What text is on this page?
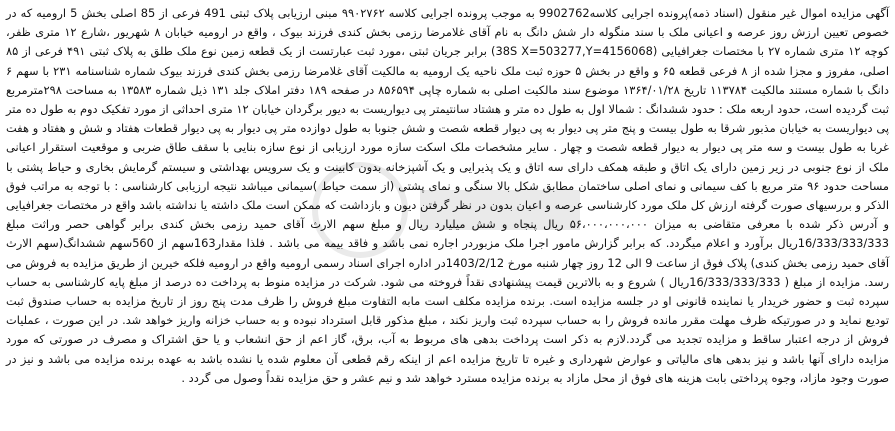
آگهی مزایده اموال غیر منقول (اسناد ذمه)پرونده اجرایی کلاسه9902762 به موجب پرونده اجرایی کلاسه ۹۹۰۲۷۶۲ مبنی ارزیابی پلاک ثبتی 491 فرعی از 85 اصلی بخش 5 ارومیه که در خصوص تعیین ارزش روز عرصه و اعیانی ملک با سند منگوله دار شش دانگ به نام آقای غلامرضا رزمی بخش کندی فرزند بیوک ، واقع در ارومیه خیابان ۸ شهریور ،شارع ۱۲ متری ظفر، کوچه ۱۲ متری شماره ۲۷ با مختصات جغرافیایی (38S X=503277,Y=4156068) برابر جریان ثبتی ،مورد ثبت عبارتست از یک قطعه زمین نوع ملک طلق به پلاک ثبتی ۴۹۱ فرعی از ۸۵ اصلی، مفروز و مجزا شده از ۸ فرعی قطعه ۶۵ و واقع در بخش ۵ حوزه ثبت ملک ناحیه یک ارومیه به مالکیت آقای غلامرضا رزمی بخش کندی فرزند بیوک شماره شناسنامه ۲۳۱ با سهم ۶ دانگ با شماره مستند مالکیت ۱۱۳۷۸۴ تاریخ ۱۳۶۴/۰۱/۲۸ موضوع سند مالکیت اصلی به شماره چاپی ۸۵۶۵۹۴ در صفحه ۱۸۹ دفتر املاک جلد ۱۳۱ ذیل شماره ۱۳۵۸۳ به مساحت ۲۹۸مترمربع ثبت گردیده است، حدود اربعه ملک : حدود ششدانگ : شمالا اول به طول ده متر و هشتاد سانتیمتر پی دیواریست به دیور برگردان خیابان ۱۲ متری احداثی از مورد تفکیک دوم به طول ده متر پی دیواریست به خیابان مذبور شرقا به طول بیست و پنج متر پی دیوار به پی دیوار قطعه شصت و شش جنوبا به طول دوازده متر پی دیوار به پی دیوار قطعات هفتاد و شش و هفتاد و هفت غربا به طول بیست و سه متر پی دیوار به دیوار قطعه شصت و چهار . سایر مشخصات ملک اسکت سازه مورد ارزیابی از نوع سازه بنایی با سقف طاق ضربی و موقعیت استقرار اعیانی ملک از نوع جنوبی در زیر زمین دارای یک اتاق و طبقه همکف دارای سه اتاق و یک پذیرایی و یک آشپزخانه بدون کابینت و یک سرویس بهداشتی و سیستم گرمایش بخاری و حیاط پشتی با مساحت حدود ۹۶ متر مربع با کف سیمانی و نمای اصلی ساختمان مطابق شکل بالا سنگی و نمای پشتی (از سمت حیاط )سیمانی میباشد نتیجه ارزیابی کارشناسی : با توجه به مراتب فوق الذکر و بررسیهای صورت گرفته ارزش کل ملک مورد کارشناسی عرصه و اعیان بدون در نظر گرفتن دیون و بازداشت که ممکن است ملک داشته یا نداشته باشد واقع در مختصات جغرافیایی و آدرس ذکر شده با معرفی متقاضی به میزان ۵۶،۰۰۰،۰۰۰،۰۰۰ ریال پنجاه و شش میلیارد ریال و مبلغ سهم الارث آقای حمید رزمی بخش کندی برابر گواهی حصر وراثت مبلغ 16/333/333/333ریال برآورد و اعلام میگردد. که برابر گزارش مامور اجرا ملک مزبوردر اجاره نمی باشد و فاقد بیمه می باشد . فلذا مقدار163سهم از 560سهم ششدانگ(سهم الارث آقای حمید رزمی بخش کندی) پلاک فوق از ساعت 9 الی 12 روز چهار شنبه مورخ 1403/2/12در اداره اجرای اسناد رسمی ارومیه واقع در ارومیه فلکه خیرین از طریق مزایده به فروش می رسد. مزایده از مبلغ ( 16/333/333/333ریال ) شروع و به بالاترین قیمت پیشنهادی نقداً فروخته می شود. شرکت در مزایده منوط به پرداخت ده درصد از مبلغ پایه کارشناسی به حساب سپرده ثبت و حضور خریدار یا نماینده قانونی او در جلسه مزایده است. برنده مزایده مکلف است مابه التفاوت مبلغ فروش را ظرف مدت پنج روز از تاریخ مزایده به حساب صندوق ثبت تودیع نماید و در صورتیکه ظرف مهلت مقرر مانده فروش را به حساب سپرده ثبت واریز نکند ، مبلغ مذکور قابل استرداد نبوده و به حساب خزانه واریز خواهد شد. در این صورت ، عملیات فروش از درجه اعتبار ساقط و مزایده تجدید می گردد.لازم به ذکر است پرداخت بدهی های مربوط به آب، برق، گاز اعم از حق انشعاب و یا حق اشتراک و مصرف در صورتی که مورد مزایده دارای آنها باشد و نیز بدهی های مالیاتی و عوارض شهرداری و غیره تا تاریخ مزایده اعم از اینکه رقم قطعی آن معلوم شده یا نشده باشد به عهده برنده مزایده می باشد و نیز در صورت وجود مازاد، وجوه پرداختی بابت هزینه های فوق از محل مازاد به برنده مزایده مسترد خواهد شد و نیم عشر و حق مزایده نقداً وصول می گردد .
